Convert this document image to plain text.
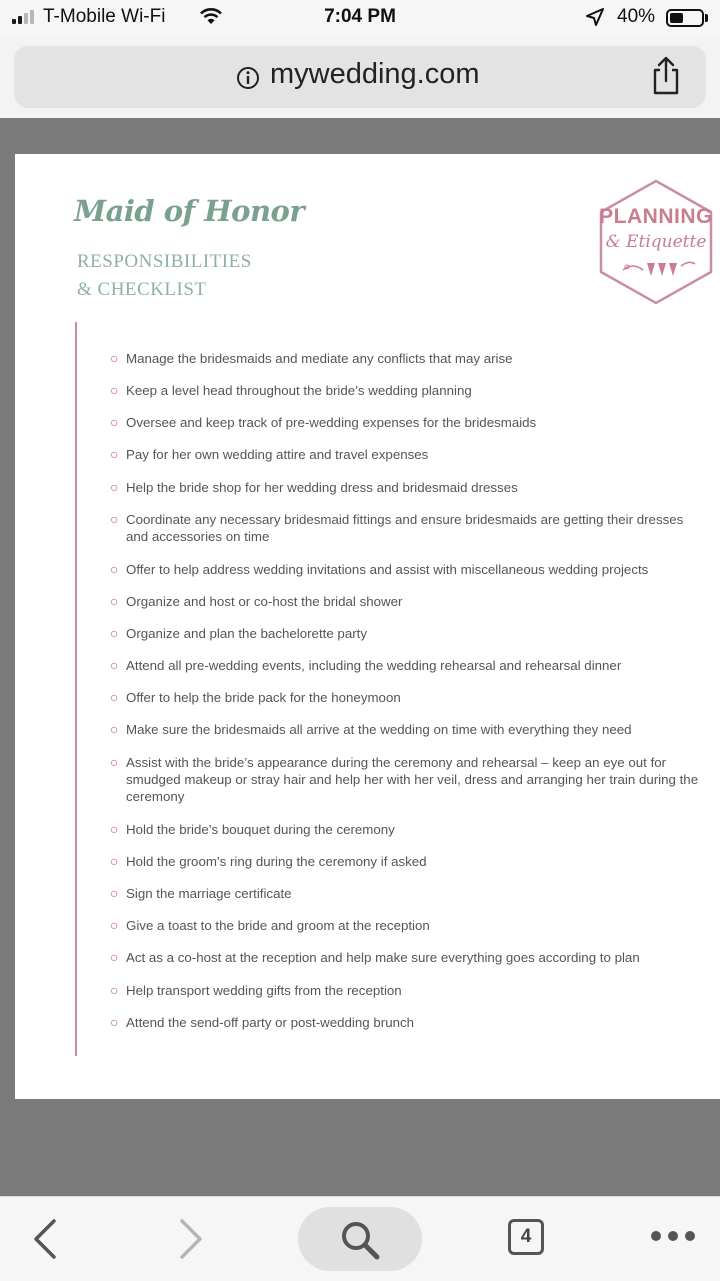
T-Mobile Wi-Fi	7:04 PM	40%
mywedding.com
Maid of Honor
RESPONSIBILITIES
& CHECKLIST
PLANNING
& Etiquette
○ Manage the bridesmaids and mediate any conflicts that may arise
○ Keep a level head throughout the bride’s wedding planning
○ Oversee and keep track of pre-wedding expenses for the bridesmaids
○ Pay for her own wedding attire and travel expenses
○ Help the bride shop for her wedding dress and bridesmaid dresses
○ Coordinate any necessary bridesmaid fittings and ensure bridesmaids are getting their dresses and accessories on time
○ Offer to help address wedding invitations and assist with miscellaneous wedding projects
○ Organize and host or co-host the bridal shower
○ Organize and plan the bachelorette party
○ Attend all pre-wedding events, including the wedding rehearsal and rehearsal dinner
○ Offer to help the bride pack for the honeymoon
○ Make sure the bridesmaids all arrive at the wedding on time with everything they need
○ Assist with the bride’s appearance during the ceremony and rehearsal – keep an eye out for smudged makeup or stray hair and help her with her veil, dress and arranging her train during the ceremony
○ Hold the bride’s bouquet during the ceremony
○ Hold the groom’s ring during the ceremony if asked
○ Sign the marriage certificate
○ Give a toast to the bride and groom at the reception
○ Act as a co-host at the reception and help make sure everything goes according to plan
○ Help transport wedding gifts from the reception
○ Attend the send-off party or post-wedding brunch
4
